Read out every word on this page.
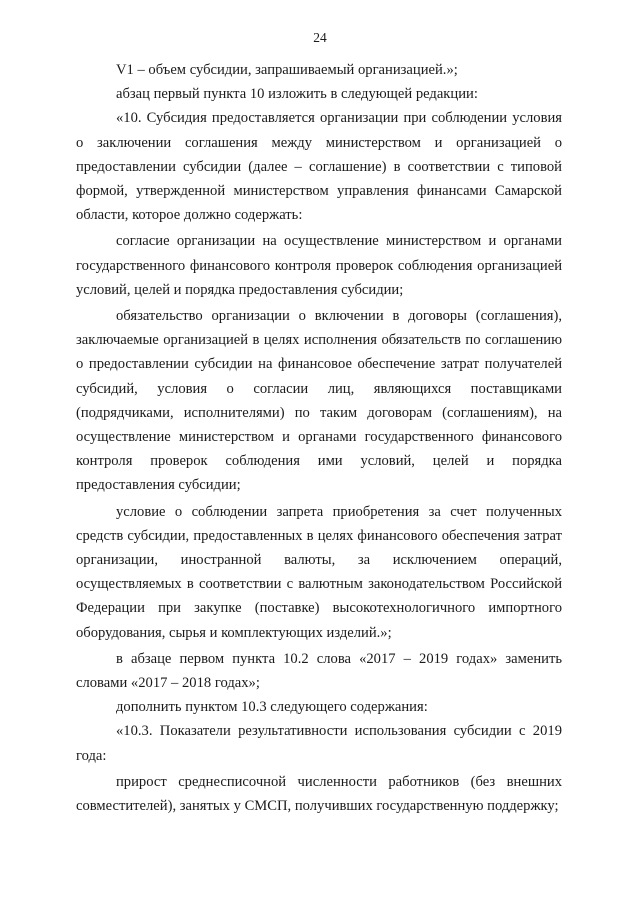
24

V1 – объем субсидии, запрашиваемый организацией.»;

абзац первый пункта 10 изложить в следующей редакции:

«10. Субсидия предоставляется организации при соблюдении условия о заключении соглашения между министерством и организацией о предоставлении субсидии (далее – соглашение) в соответствии с типовой формой, утвержденной министерством управления финансами Самарской области, которое должно содержать:

согласие организации на осуществление министерством и органами государственного финансового контроля проверок соблюдения организацией условий, целей и порядка предоставления субсидии;

обязательство организации о включении в договоры (соглашения), заключаемые организацией в целях исполнения обязательств по соглашению о предоставлении субсидии на финансовое обеспечение затрат получателей субсидий, условия о согласии лиц, являющихся поставщиками (подрядчиками, исполнителями) по таким договорам (соглашениям), на осуществление министерством и органами государственного финансового контроля проверок соблюдения ими условий, целей и порядка предоставления субсидии;

условие о соблюдении запрета приобретения за счет полученных средств субсидии, предоставленных в целях финансового обеспечения затрат организации, иностранной валюты, за исключением операций, осуществляемых в соответствии с валютным законодательством Российской Федерации при закупке (поставке) высокотехнологичного импортного оборудования, сырья и комплектующих изделий.»;

в абзаце первом пункта 10.2 слова «2017 – 2019 годах» заменить словами «2017 – 2018 годах»;

дополнить пунктом 10.3 следующего содержания:

«10.3. Показатели результативности использования субсидии с 2019 года:

прирост среднесписочной численности работников (без внешних совместителей), занятых у СМСП, получивших государственную поддержку;
